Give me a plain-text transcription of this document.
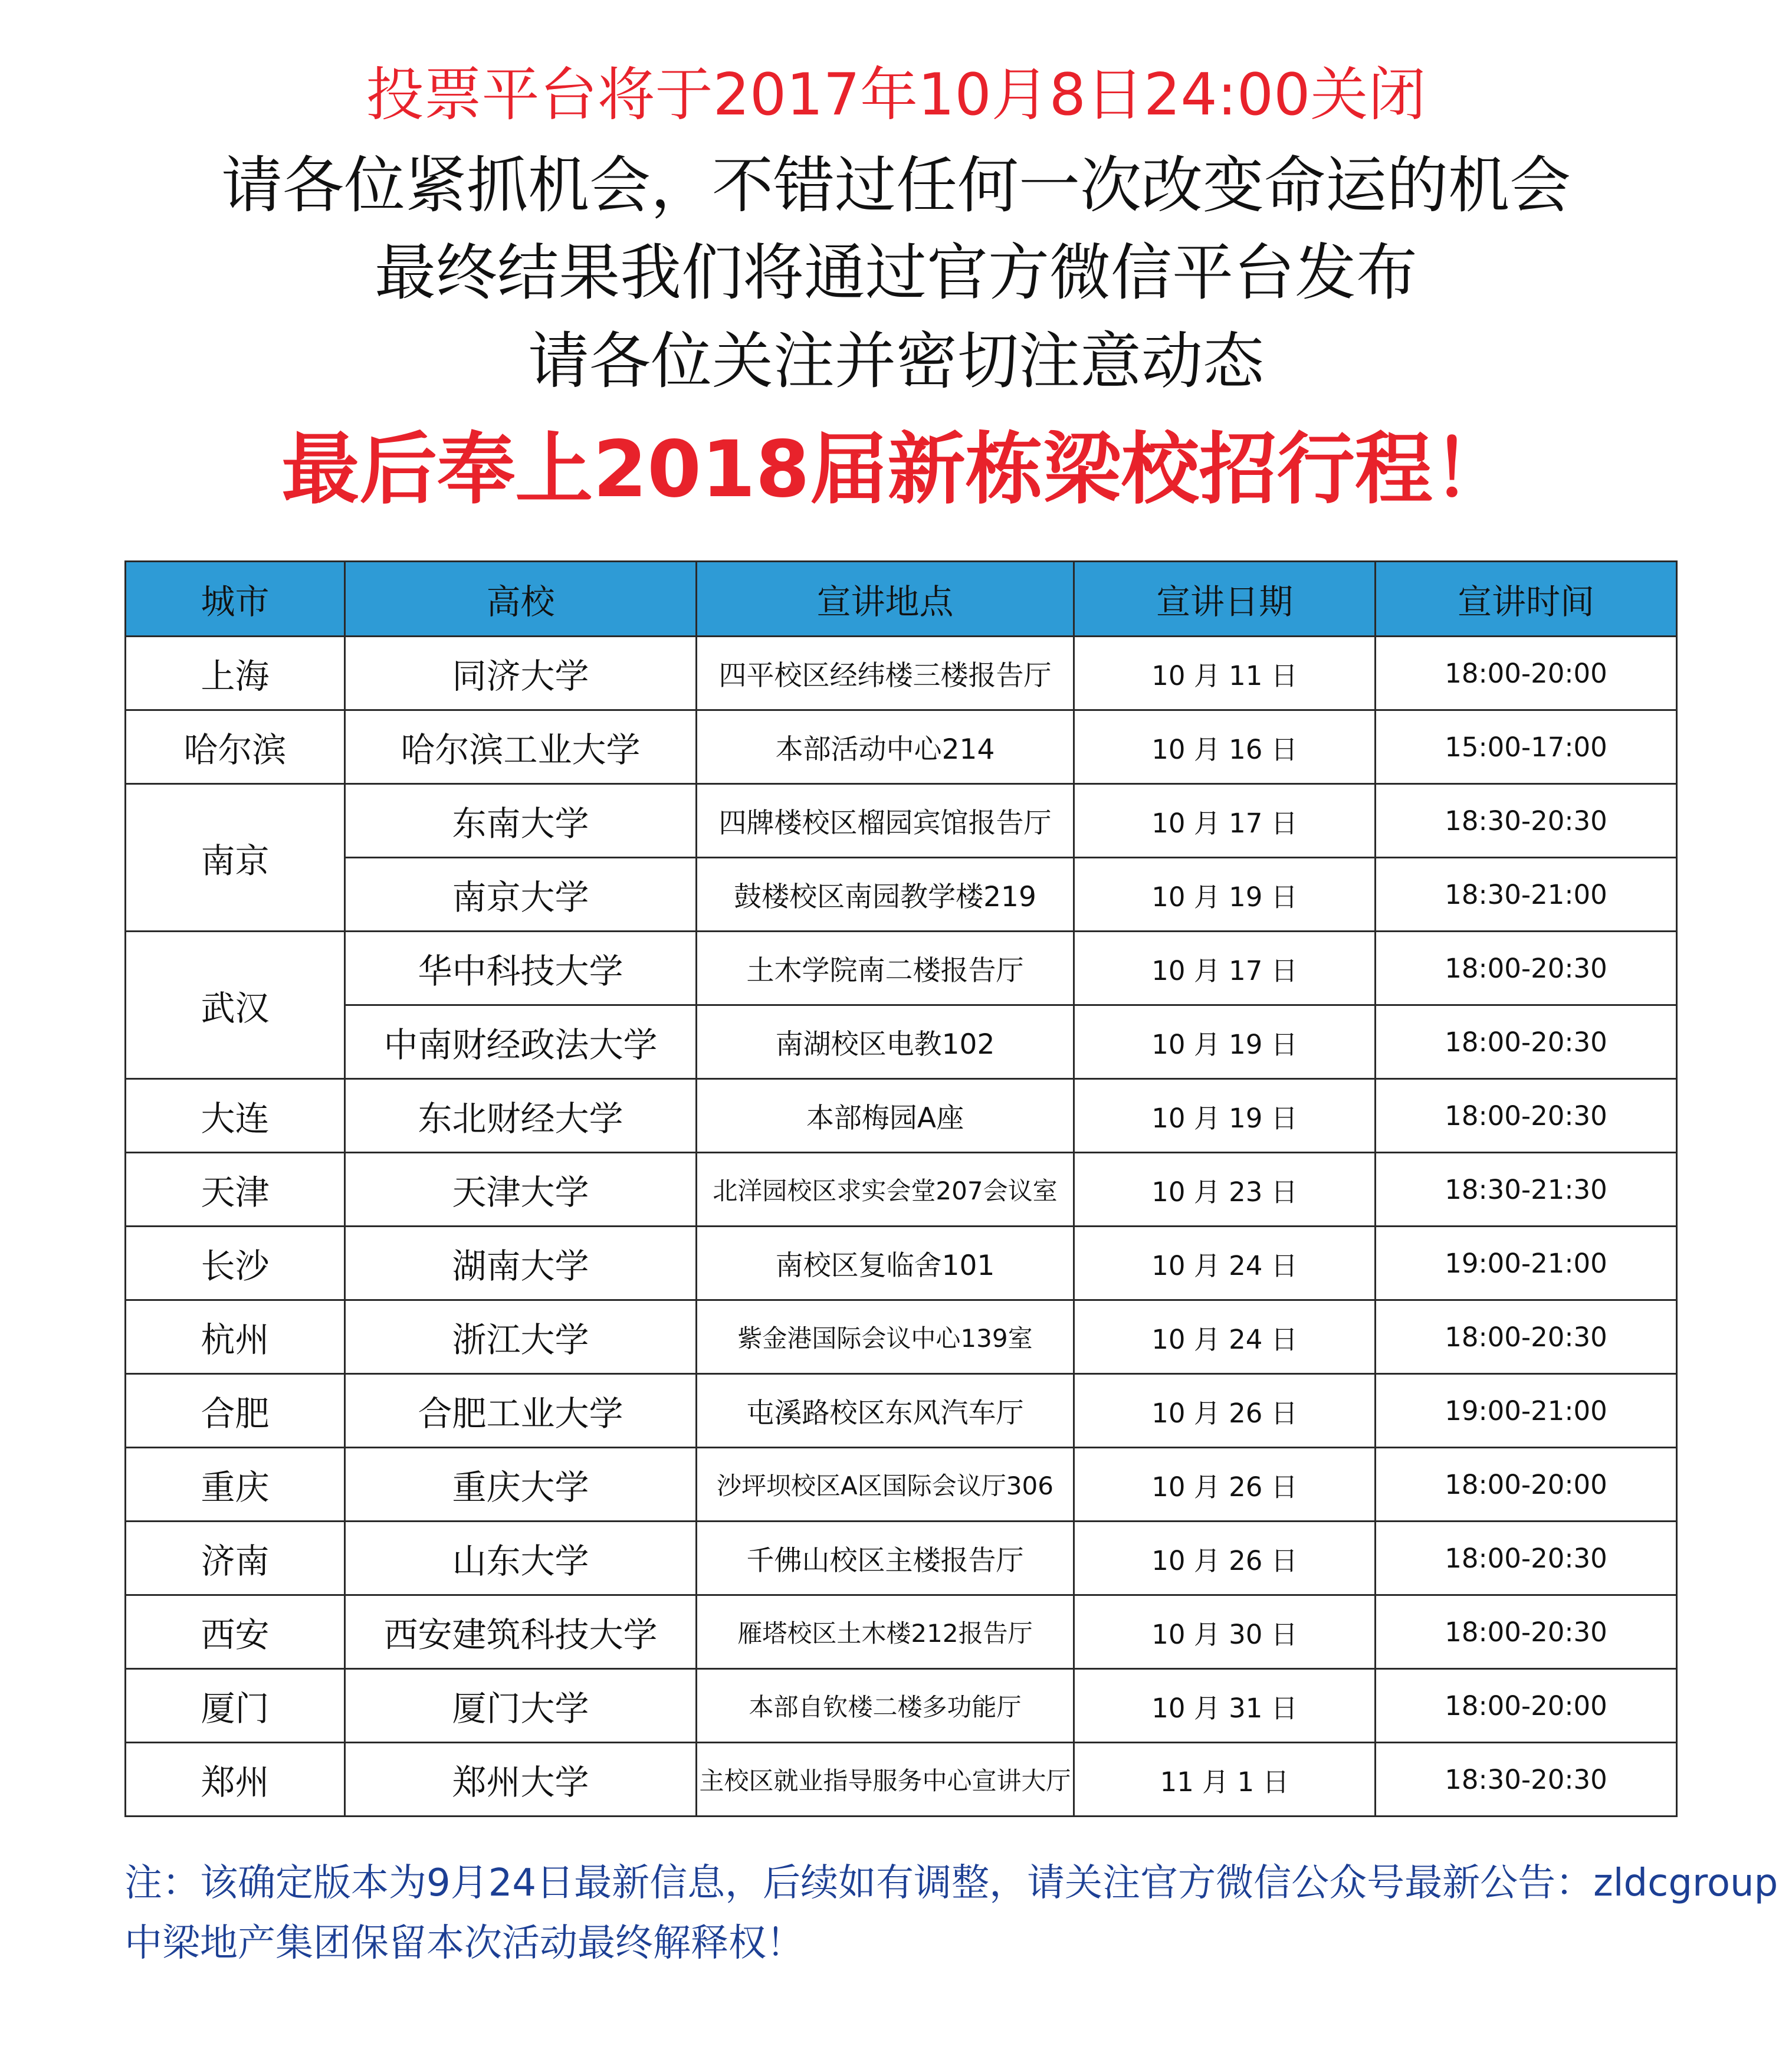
投票平台将于2017年10月8日24:00关闭
请各位紧抓机会，不错过任何一次改变命运的机会
最终结果我们将通过官方微信平台发布
请各位关注并密切注意动态
最后奉上2018届新栋梁校招行程！
城市	高校	宣讲地点	宣讲日期	宣讲时间
上海	同济大学	四平校区经纬楼三楼报告厅	10 月 11 日	18:00-20:00
哈尔滨	哈尔滨工业大学	本部活动中心214	10 月 16 日	15:00-17:00
南京	东南大学	四牌楼校区榴园宾馆报告厅	10 月 17 日	18:30-20:30
	南京大学	鼓楼校区南园教学楼219	10 月 19 日	18:30-21:00
武汉	华中科技大学	土木学院南二楼报告厅	10 月 17 日	18:00-20:30
	中南财经政法大学	南湖校区电教102	10 月 19 日	18:00-20:30
大连	东北财经大学	本部梅园A座	10 月 19 日	18:00-20:30
天津	天津大学	北洋园校区求实会堂207会议室	10 月 23 日	18:30-21:30
长沙	湖南大学	南校区复临舍101	10 月 24 日	19:00-21:00
杭州	浙江大学	紫金港国际会议中心139室	10 月 24 日	18:00-20:30
合肥	合肥工业大学	屯溪路校区东风汽车厅	10 月 26 日	19:00-21:00
重庆	重庆大学	沙坪坝校区A区国际会议厅306	10 月 26 日	18:00-20:00
济南	山东大学	千佛山校区主楼报告厅	10 月 26 日	18:00-20:30
西安	西安建筑科技大学	雁塔校区土木楼212报告厅	10 月 30 日	18:00-20:30
厦门	厦门大学	本部自钦楼二楼多功能厅	10 月 31 日	18:00-20:00
郑州	郑州大学	主校区就业指导服务中心宣讲大厅	11 月 1 日	18:30-20:30
注：该确定版本为9月24日最新信息，后续如有调整，请关注官方微信公众号最新公告：zldcgroup
中梁地产集团保留本次活动最终解释权！
